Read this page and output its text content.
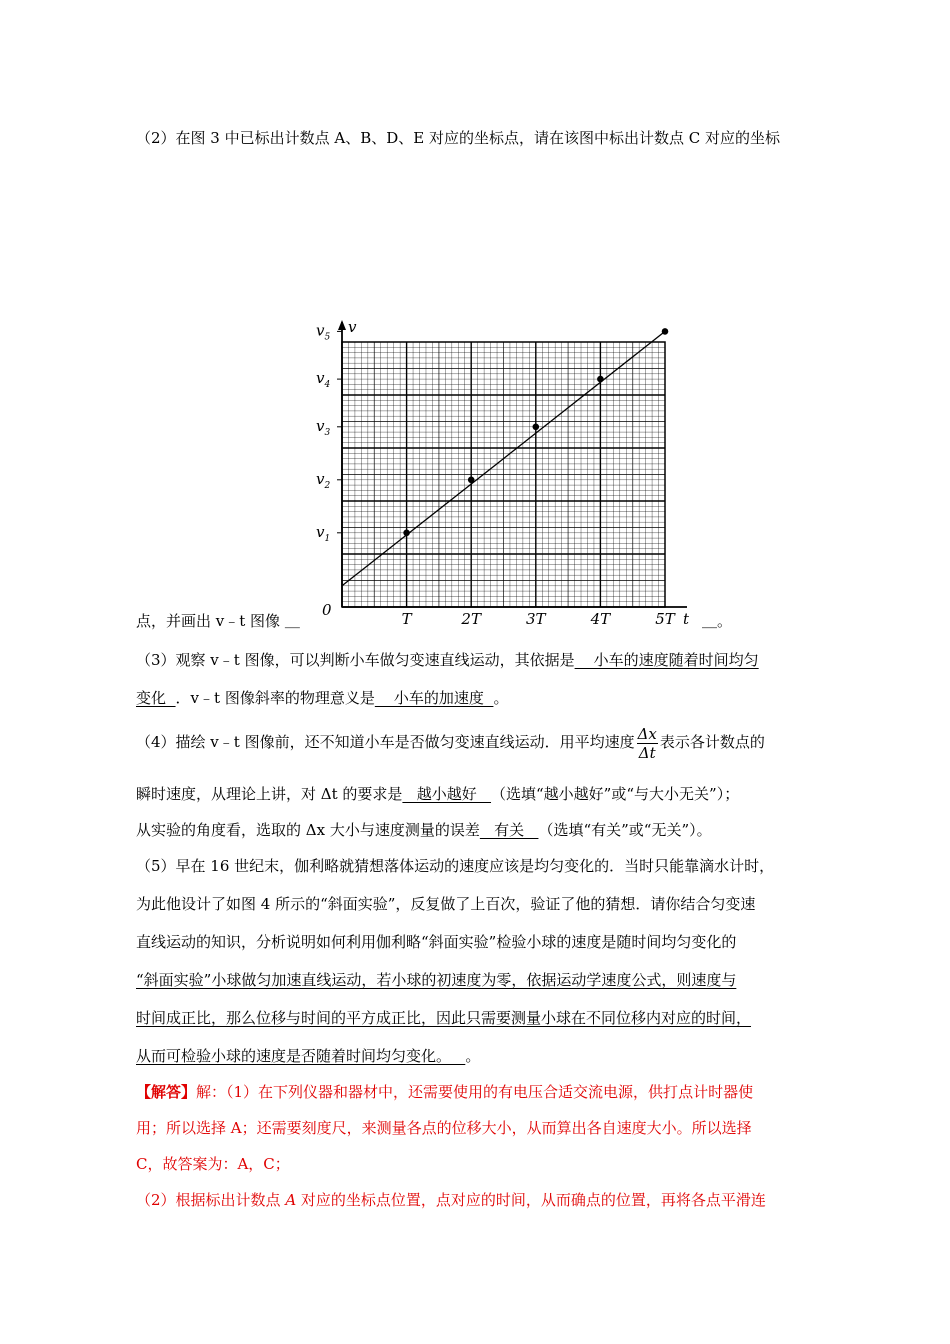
（2）在图 3 中已标出计数点 A、B、D、E 对应的坐标点，请在该图中标出计数点 C 对应的坐标
v
t
0	T	2T	3T	4T	5T
$v_1$
$v_2$
$v_3$
$v_4$
$v_5$
点，并画出 v﹣t 图像 ＿	＿。
（3）观察 v﹣t 图像，可以判断小车做匀变速直线运动，其依据是    小车的速度随着时间均匀
变化  ．v﹣t 图像斜率的物理意义是    小车的加速度  。
（4）描绘 v﹣t 图像前，还不知道小车是否做匀变速直线运动．用平均速度 $\frac{\Delta x}{\Delta t}$ 表示各计数点的
瞬时速度，从理论上讲，对 Δt 的要求是   越小越好   （选填“越小越好”或“与大小无关”）；
从实验的角度看，选取的 Δx 大小与速度测量的误差   有关   （选填“有关”或“无关”）。
（5）早在 16 世纪末，伽利略就猜想落体运动的速度应该是均匀变化的．当时只能靠滴水计时，
为此他设计了如图 4 所示的“斜面实验”，反复做了上百次，验证了他的猜想．请你结合匀变速
直线运动的知识，分析说明如何利用伽利略“斜面实验”检验小球的速度是随时间均匀变化的
“斜面实验”小球做匀加速直线运动，若小球的初速度为零，依据运动学速度公式，则速度与
时间成正比，那么位移与时间的平方成正比，因此只需要测量小球在不同位移内对应的时间，
从而可检验小球的速度是否随着时间均匀变化。   。
【解答】解：（1）在下列仪器和器材中，还需要使用的有电压合适交流电源，供打点计时器使
用；所以选择 A；还需要刻度尺，来测量各点的位移大小，从而算出各自速度大小。所以选择
C，故答案为：A，C；
（2）根据标出计数点 A 对应的坐标点位置，点对应的时间，从而确点的位置，再将各点平滑连
